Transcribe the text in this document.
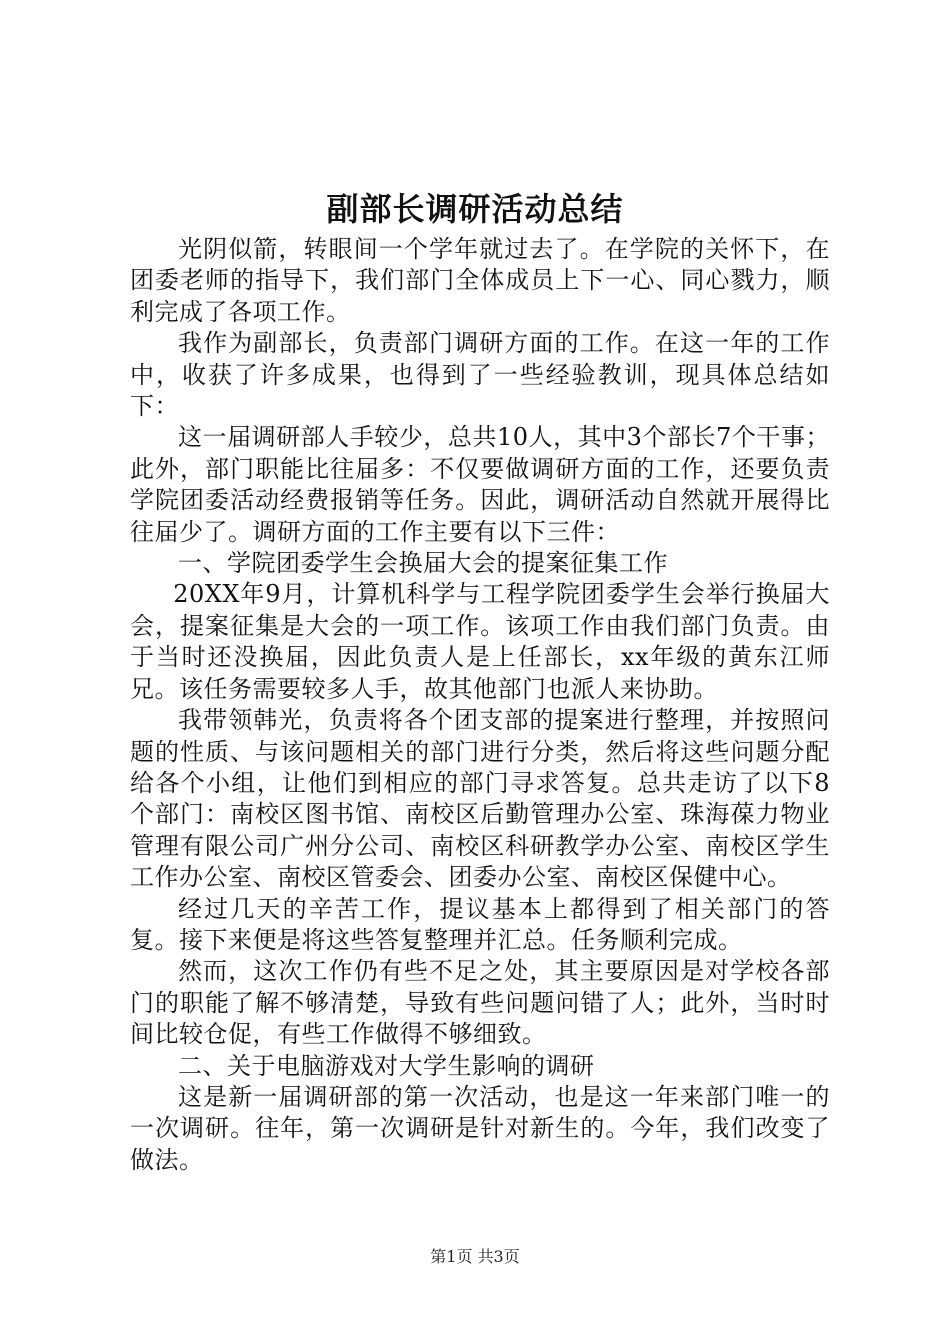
副部长调研活动总结

光阴似箭，转眼间一个学年就过去了。在学院的关怀下，在团委老师的指导下，我们部门全体成员上下一心、同心戮力，顺利完成了各项工作。

我作为副部长，负责部门调研方面的工作。在这一年的工作中，收获了许多成果，也得到了一些经验教训，现具体总结如下：

这一届调研部人手较少，总共10人，其中3个部长7个干事；此外，部门职能比往届多：不仅要做调研方面的工作，还要负责学院团委活动经费报销等任务。因此，调研活动自然就开展得比往届少了。调研方面的工作主要有以下三件：

一、学院团委学生会换届大会的提案征集工作

20XX年9月，计算机科学与工程学院团委学生会举行换届大会，提案征集是大会的一项工作。该项工作由我们部门负责。由于当时还没换届，因此负责人是上任部长，xx年级的黄东江师兄。该任务需要较多人手，故其他部门也派人来协助。

我带领韩光，负责将各个团支部的提案进行整理，并按照问题的性质、与该问题相关的部门进行分类，然后将这些问题分配给各个小组，让他们到相应的部门寻求答复。总共走访了以下8个部门：南校区图书馆、南校区后勤管理办公室、珠海葆力物业管理有限公司广州分公司、南校区科研教学办公室、南校区学生工作办公室、南校区管委会、团委办公室、南校区保健中心。

经过几天的辛苦工作，提议基本上都得到了相关部门的答复。接下来便是将这些答复整理并汇总。任务顺利完成。

然而，这次工作仍有些不足之处，其主要原因是对学校各部门的职能了解不够清楚，导致有些问题问错了人；此外，当时时间比较仓促，有些工作做得不够细致。

二、关于电脑游戏对大学生影响的调研

这是新一届调研部的第一次活动，也是这一年来部门唯一的一次调研。往年，第一次调研是针对新生的。今年，我们改变了做法。

第1页 共3页
